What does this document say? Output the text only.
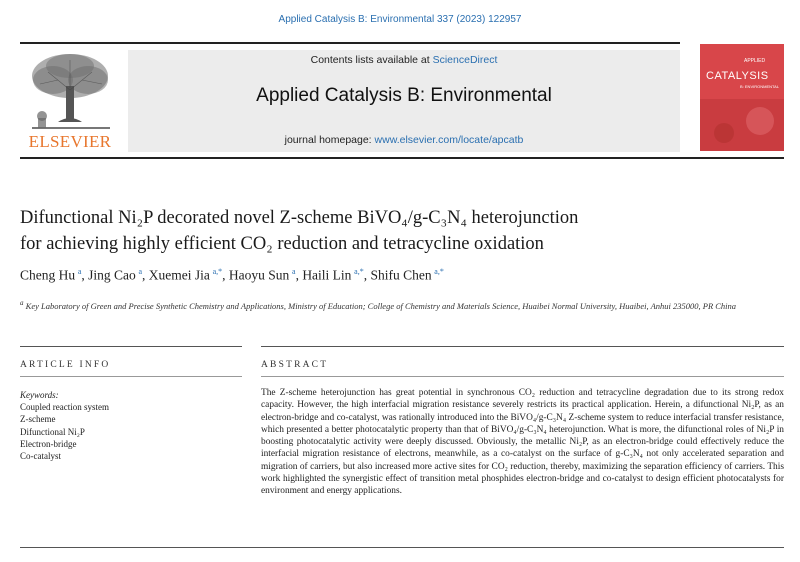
Applied Catalysis B: Environmental 337 (2023) 122957
ELSEVIER
Contents lists available at ScienceDirect
Applied Catalysis B: Environmental
journal homepage: www.elsevier.com/locate/apcatb
APPLIED
CATALYSIS
B: ENVIRONMENTAL
Difunctional Ni₂P decorated novel Z-scheme BiVO₄/g-C₃N₄ heterojunction
for achieving highly efficient CO₂ reduction and tetracycline oxidation
Cheng Hu  $^a$, Jing Cao  $^a$, Xuemei Jia  $^{a,*}$, Haoyu Sun  $^a$, Haili Lin  $^{a,*}$, Shifu Chen  $^{a,*}$
$^a$ Key Laboratory of Green and Precise Synthetic Chemistry and Applications, Ministry of Education; College of Chemistry and Materials Science, Huaibei Normal University, Huaibei, Anhui 235000, PR China
ARTICLE INFO	ABSTRACT
Keywords:
Coupled reaction system
Z-scheme
Difunctional Ni₂P
Electron-bridge
Co-catalyst
The Z-scheme heterojunction has great potential in synchronous CO₂ reduction and tetracycline degradation due to its strong redox capacity. However, the high interfacial migration resistance severely restricts its practical application. Herein, a difunctional Ni₂P, as an electron-bridge and co-catalyst, was rationally introduced into the BiVO₄/g-C₃N₄ Z-scheme system to reduce interfacial transfer resistance, which presented a better photocatalytic property than that of BiVO₄/g-C₃N₄ heterojunction. What is more, the difunctional roles of Ni₂P in boosting photocatalytic activity were deeply discussed. Obviously, the metallic Ni₂P, as an electron-bridge could effectively reduce the interfacial migration resistance of electrons, meanwhile, as a co-catalyst on the surface of g-C₃N₄ not only accelerated separation and migration of carriers, but also increased more active sites for CO₂ reduction, thereby, maximizing the separation efficiency of carriers. This work highlighted the synergistic effect of transition metal phosphides electron-bridge and co-catalyst to design efficient photocatalysts for environment and energy applications.
